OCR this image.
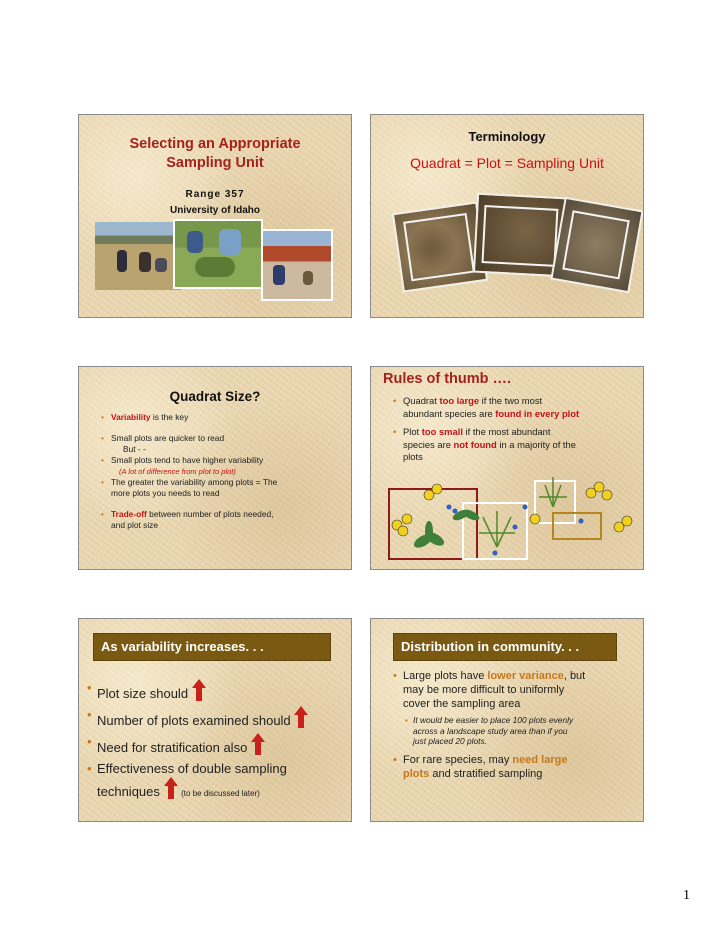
Selecting an Appropriate
Sampling Unit
Range 357
University of Idaho
Terminology
Quadrat = Plot = Sampling Unit
Quadrat Size?
• Variability is the key
• Small plots are quicker to read
But - -
• Small plots tend to have higher variability
(A lot of difference from plot to plot)
• The greater the variability among plots = The
more plots you needs to read
• Trade-off between number of plots needed,
and plot size
Rules of thumb ….
• Quadrat too large if the two most
abundant species are found in every plot
• Plot too small if the most abundant
species are not found in a majority of the
plots
As variability increases. . .
• Plot size should
• Number of plots examined should
• Need for stratification also
• Effectiveness of double sampling
techniques	(to be discussed later)
Distribution in community. . .
• Large plots have lower variance, but
may be more difficult to uniformly
cover the sampling area
• It would be easier to place 100 plots evenly
across a landscape study area than if you
just placed 20 plots.
• For rare species, may need large
plots and stratified sampling
1
